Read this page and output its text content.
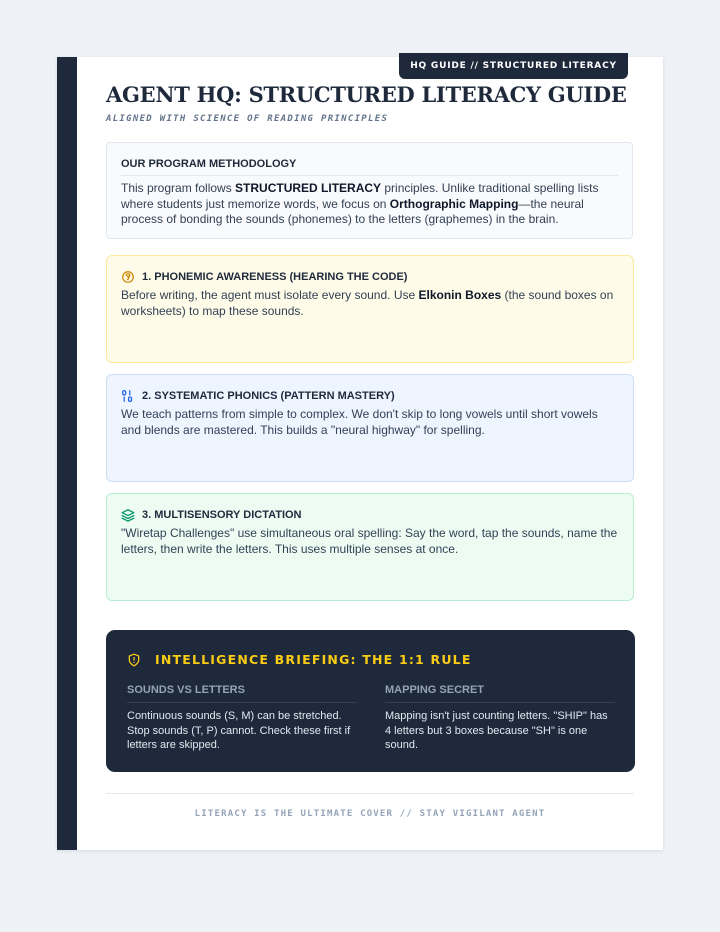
HQ GUIDE // STRUCTURED LITERACY
AGENT HQ: STRUCTURED LITERACY GUIDE
ALIGNED WITH SCIENCE OF READING PRINCIPLES
OUR PROGRAM METHODOLOGY
This program follows STRUCTURED LITERACY principles. Unlike traditional spelling lists where students just memorize words, we focus on Orthographic Mapping—the neural process of bonding the sounds (phonemes) to the letters (graphemes) in the brain.
1. PHONEMIC AWARENESS (HEARING THE CODE)
Before writing, the agent must isolate every sound. Use Elkonin Boxes (the sound boxes on worksheets) to map these sounds.
2. SYSTEMATIC PHONICS (PATTERN MASTERY)
We teach patterns from simple to complex. We don't skip to long vowels until short vowels and blends are mastered. This builds a "neural highway" for spelling.
3. MULTISENSORY DICTATION
"Wiretap Challenges" use simultaneous oral spelling: Say the word, tap the sounds, name the letters, then write the letters. This uses multiple senses at once.
INTELLIGENCE BRIEFING: THE 1:1 RULE
SOUNDS VS LETTERS
Continuous sounds (S, M) can be stretched. Stop sounds (T, P) cannot. Check these first if letters are skipped.
MAPPING SECRET
Mapping isn't just counting letters. "SHIP" has 4 letters but 3 boxes because "SH" is one sound.
LITERACY IS THE ULTIMATE COVER // STAY VIGILANT AGENT
